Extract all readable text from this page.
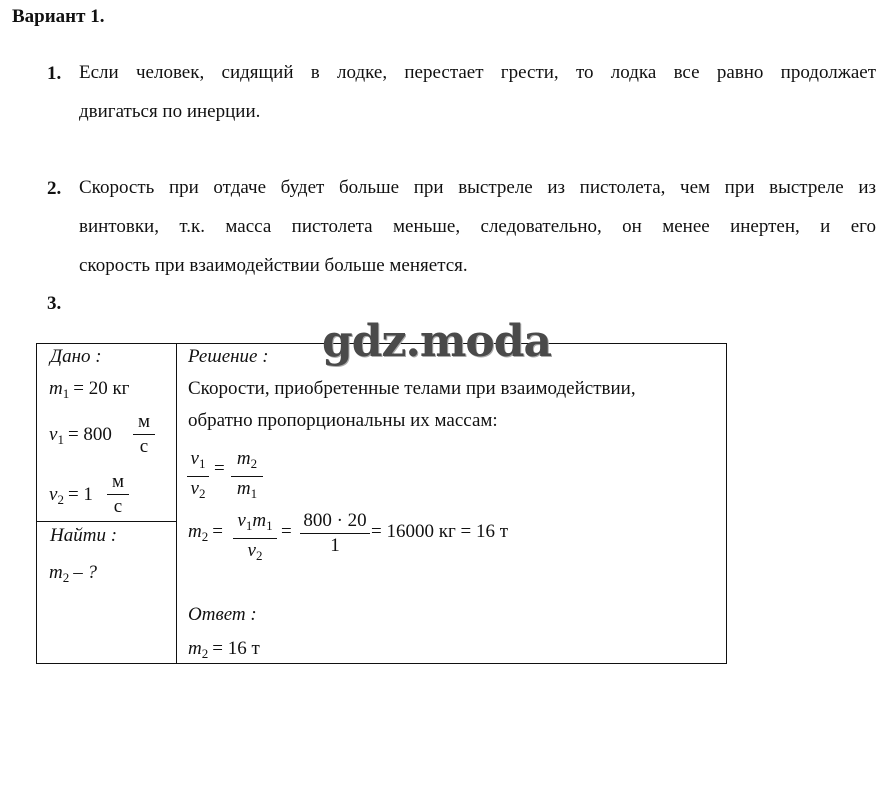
Вариант 1.
1. Если человек, сидящий в лодке, перестает грести, то лодка все равно продолжает
двигаться по инерции.
2. Скорость при отдаче будет больше при выстреле из пистолета, чем при выстреле из
винтовки, т.к. масса пистолета меньше, следовательно, он менее инертен, и его
скорость при взаимодействии больше меняется.
3.
Дано :
$m_1 = 20$ кг
$v_1 = 800$
м
с
$v_2 = 1$
м
с
Найти :
$m_2$ – ?
Решение :
Скорости, приобретенные телами при взаимодействии,
обратно пропорциональны их массам:
$v_1$
$v_2$
= $m_2$
$m_1$
$m_2$ =
$v_1m_1$
$v_2$
=
800 · 20
1
= 16000 кг = 16 т
Ответ :
$m_2 = 16$ т
gdz.moda
